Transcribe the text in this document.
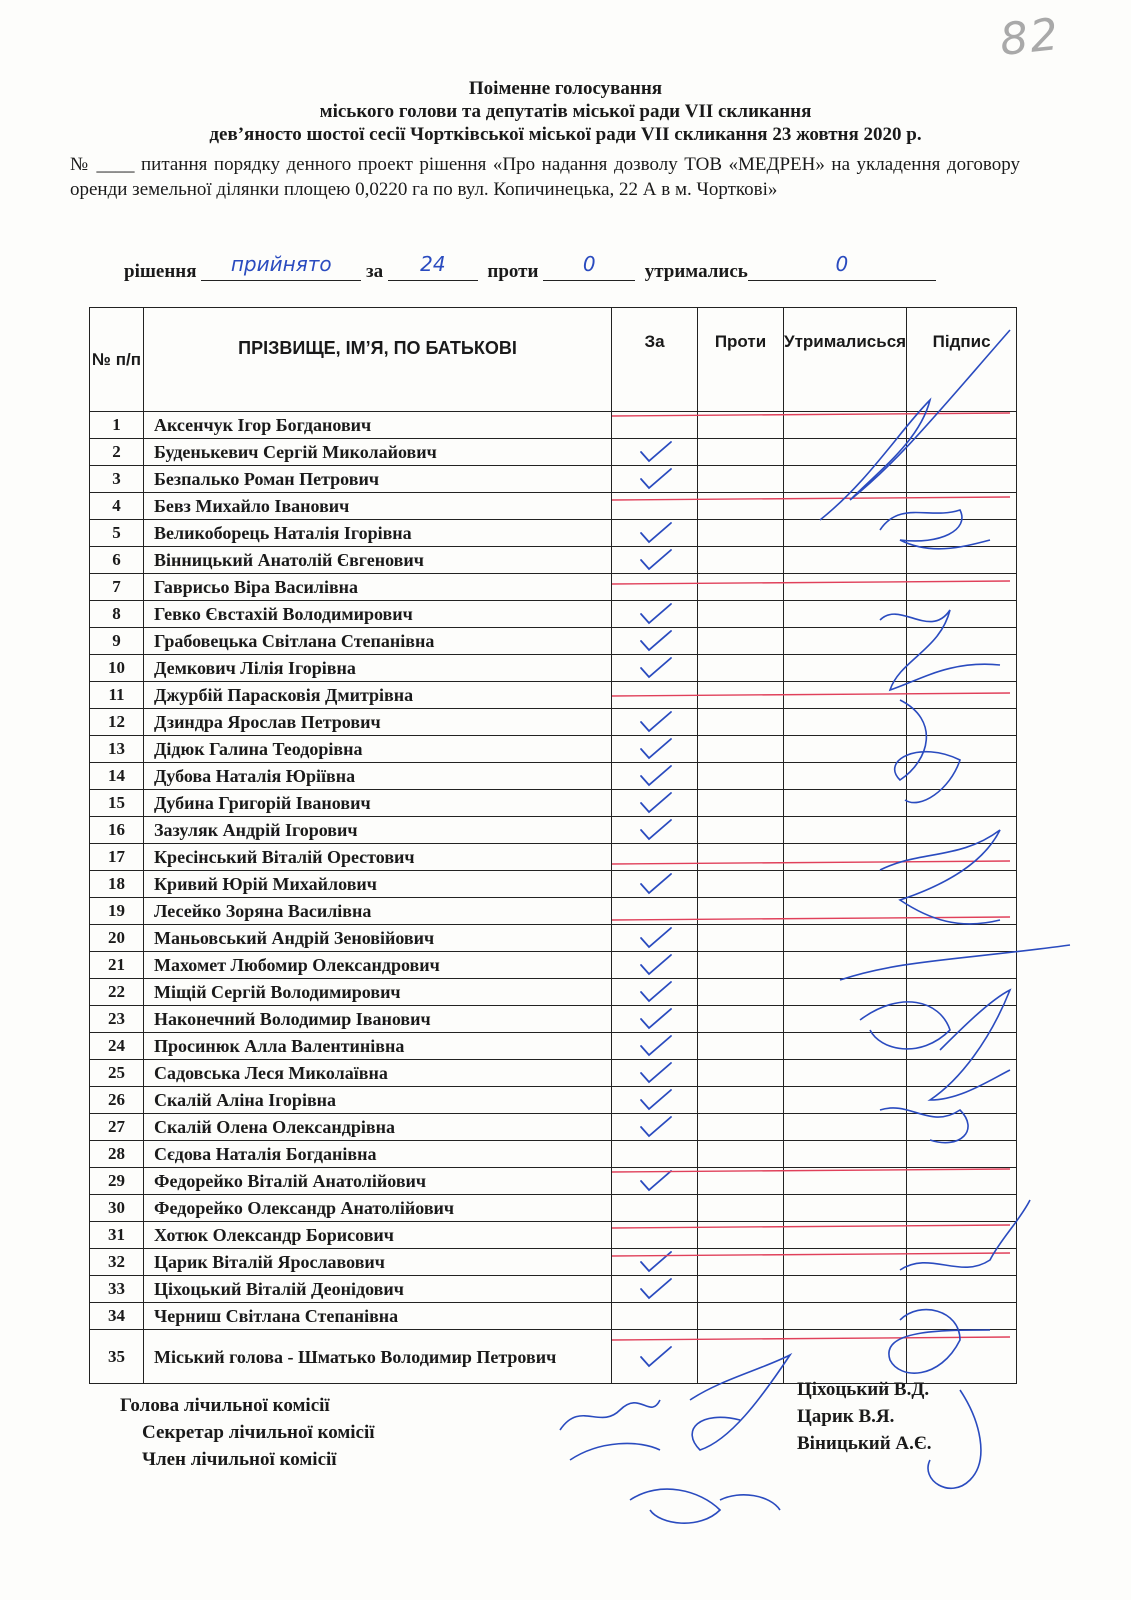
82
Поіменне голосування
міського голови та депутатів міської ради VII скликання
дев’яносто шостої сесії Чортківської міської ради VII скликання 23 жовтня 2020 р.
№ ____ питання порядку денного проект рішення «Про надання дозволу ТОВ «МЕДРЕН» на укладення договору оренди земельної ділянки площею 0,0220 га по вул. Копичинецька, 22 А в м. Чорткові»
рішення прийнято за 24 проти 0	утримались	0
№ п/п	ПРІЗВИЩЕ, ІМ’Я, ПО БАТЬКОВІ	За	Проти	Утрималисься	Підпис
1	Аксенчук Ігор Богданович				
2	Буденькевич Сергій Миколайович	

3	Безпалько Роман Петрович	

4	Бевз Михайло Іванович				
5	Великоборець Наталія Ігорівна	

6	Вінницький Анатолій Євгенович	

7	Гаврисьо Віра Василівна				
8	Гевко Євстахій Володимирович	

9	Грабовецька Світлана Степанівна	

10	Демкович Лілія Ігорівна	

11	Джурбій Парасковія Дмитрівна				
12	Дзиндра Ярослав Петрович	

13	Дідюк Галина Теодорівна	

14	Дубова Наталія Юріївна	

15	Дубина Григорій Іванович	

16	Зазуляк Андрій Ігорович	

17	Кресінський Віталій Орестович				
18	Кривий Юрій Михайлович	

19	Лесейко Зоряна Василівна				
20	Маньовський Андрій Зеновійович	

21	Махомет Любомир Олександрович	

22	Міщій Сергій Володимирович	

23	Наконечний Володимир Іванович	

24	Просинюк Алла Валентинівна	

25	Садовська Леся Миколаївна	

26	Скалій Аліна Ігорівна	

27	Скалій Олена Олександрівна	

28	Сєдова Наталія Богданівна				
29	Федорейко Віталій Анатолійович	

30	Федорейко Олександр Анатолійович				
31	Хотюк Олександр Борисович				
32	Царик Віталій Ярославович	

33	Ціхоцький Віталій Деонідович	

34	Черниш Світлана Степанівна				
35	Міський голова - Шматько Володимир Петрович	

Голова лічильної комісії
Секретар лічильної комісії
Член лічильної комісії
Ціхоцький В.Д.
Царик В.Я.
Віницький А.Є.
